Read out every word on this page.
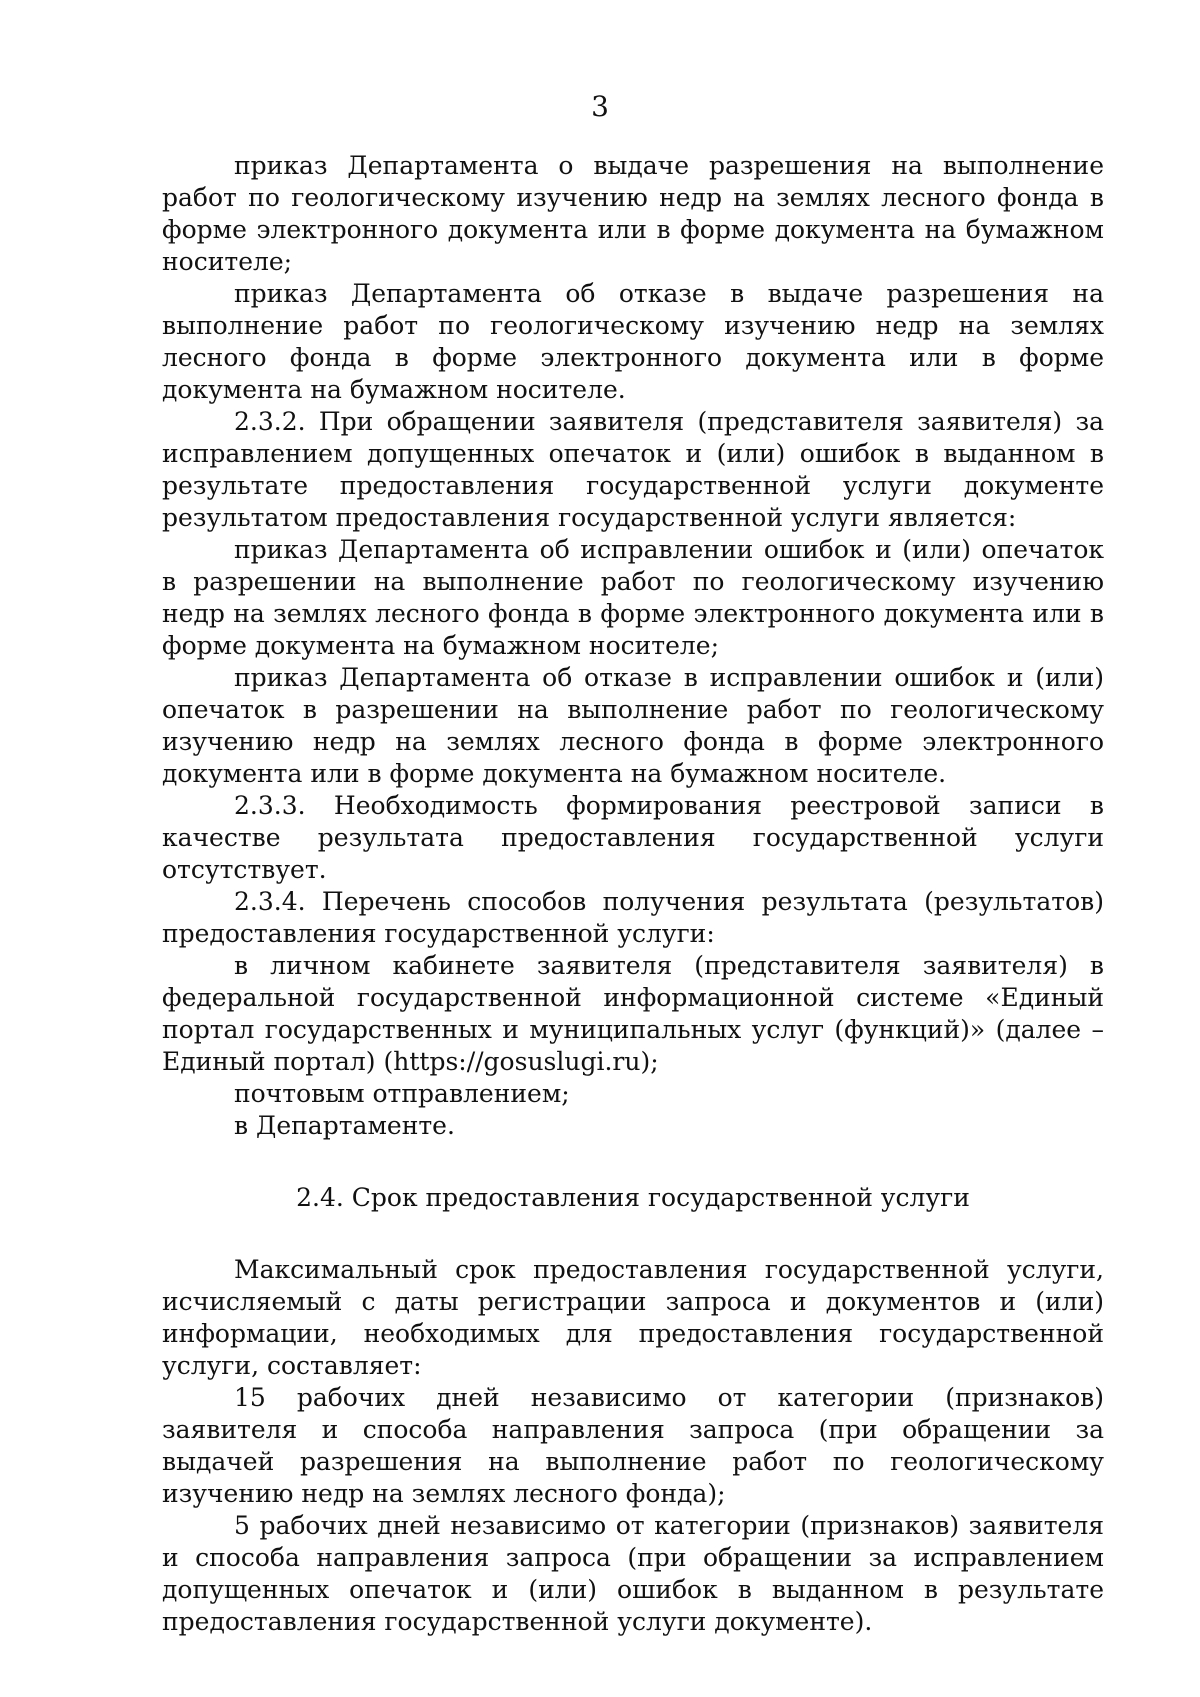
3

приказ Департамента о выдаче разрешения на выполнение работ по геологическому изучению недр на землях лесного фонда в форме электронного документа или в форме документа на бумажном носителе;

приказ Департамента об отказе в выдаче разрешения на выполнение работ по геологическому изучению недр на землях лесного фонда в форме электронного документа или в форме документа на бумажном носителе.

2.3.2. При обращении заявителя (представителя заявителя) за исправлением допущенных опечаток и (или) ошибок в выданном в результате предоставления государственной услуги документе результатом предоставления государственной услуги является:

приказ Департамента об исправлении ошибок и (или) опечаток в разрешении на выполнение работ по геологическому изучению недр на землях лесного фонда в форме электронного документа или в форме документа на бумажном носителе;

приказ Департамента об отказе в исправлении ошибок и (или) опечаток в разрешении на выполнение работ по геологическому изучению недр на землях лесного фонда в форме электронного документа или в форме документа на бумажном носителе.

2.3.3. Необходимость формирования реестровой записи в качестве результата предоставления государственной услуги отсутствует.

2.3.4. Перечень способов получения результата (результатов) предоставления государственной услуги:

в личном кабинете заявителя (представителя заявителя) в федеральной государственной информационной системе «Единый портал государственных и муниципальных услуг (функций)» (далее – Единый портал) (https://gosuslugi.ru);

почтовым отправлением;

в Департаменте.

2.4. Срок предоставления государственной услуги

Максимальный срок предоставления государственной услуги, исчисляемый с даты регистрации запроса и документов и (или) информации, необходимых для предоставления государственной услуги, составляет:

15 рабочих дней независимо от категории (признаков) заявителя и способа направления запроса (при обращении за выдачей разрешения на выполнение работ по геологическому изучению недр на землях лесного фонда);

5 рабочих дней независимо от категории (признаков) заявителя и способа направления запроса (при обращении за исправлением допущенных опечаток и (или) ошибок в выданном в результате предоставления государственной услуги документе).
